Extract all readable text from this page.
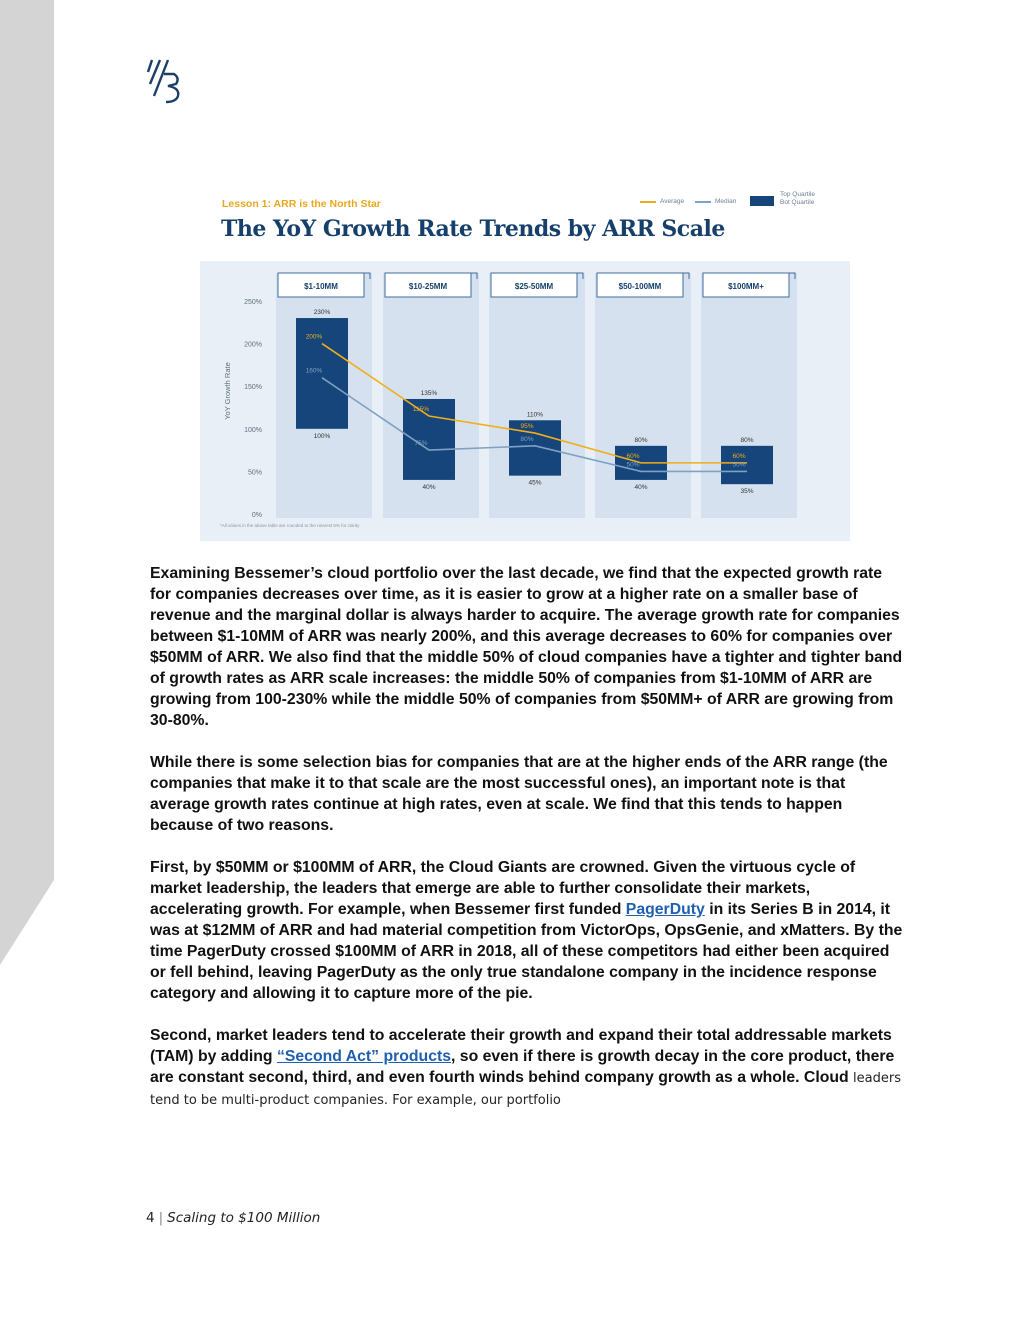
Lesson 1: ARR is the North Star
The YoY Growth Rate Trends by ARR Scale
Average	Median
Top Quartile
Bot Quartile
250%
200%
150%
100%
50%
0%
YoY Growth Rate
$1-10MM
230%
100%
$10-25MM
135%
40%
$25-50MM
110%
45%
$50-100MM
80%
40%
$100MM+
80%
35%
200%
160%
115%
75%
95%
80%
60%
50%
60%
50%
*All values in the above table are rounded to the nearest 5% for clarity

Examining Bessemer’s cloud portfolio over the last decade, we find that the expected growth rate for companies decreases over time, as it is easier to grow at a higher rate on a smaller base of revenue and the marginal dollar is always harder to acquire. The average growth rate for companies between $1-10MM of ARR was nearly 200%, and this average decreases to 60% for companies over $50MM of ARR. We also find that the middle 50% of cloud companies have a tighter and tighter band of growth rates as ARR scale increases: the middle 50% of companies from $1-10MM of ARR are growing from 100-230% while the middle 50% of companies from $50MM+ of ARR are growing from 30-80%.

While there is some selection bias for companies that are at the higher ends of the ARR range (the companies that make it to that scale are the most successful ones), an important note is that average growth rates continue at high rates, even at scale. We find that this tends to happen because of two reasons.

First, by $50MM or $100MM of ARR, the Cloud Giants are crowned. Given the virtuous cycle of market leadership, the leaders that emerge are able to further consolidate their markets, accelerating growth. For example, when Bessemer first funded PagerDuty in its Series B in 2014, it was at $12MM of ARR and had material competition from VictorOps, OpsGenie, and xMatters. By the time PagerDuty crossed $100MM of ARR in 2018, all of these competitors had either been acquired or fell behind, leaving PagerDuty as the only true standalone company in the incidence response category and allowing it to capture more of the pie.

Second, market leaders tend to accelerate their growth and expand their total addressable markets (TAM) by adding “Second Act” products, so even if there is growth decay in the core product, there are constant second, third, and even fourth winds behind company growth as a whole. Cloud leaders tend to be multi-product companies. For example, our portfolio

4 | Scaling to $100 Million
